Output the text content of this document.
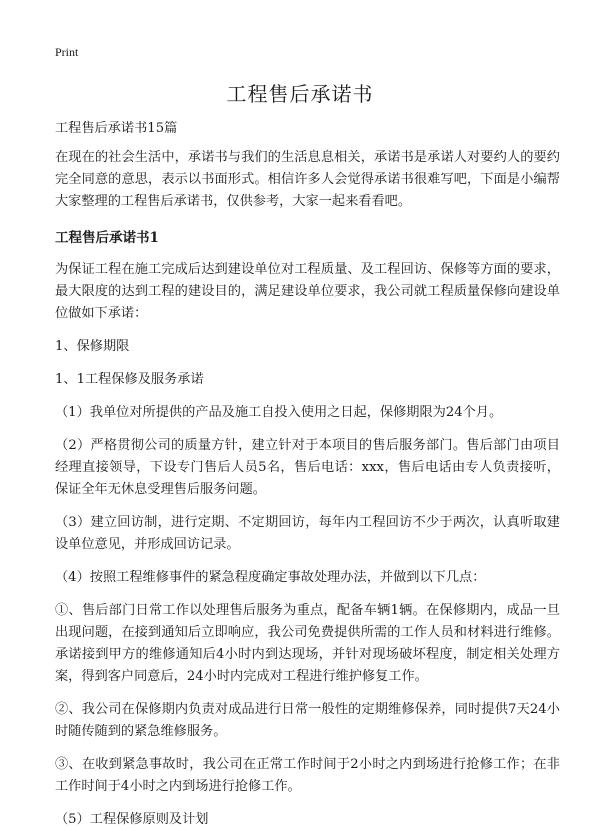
Print
工程售后承诺书

工程售后承诺书15篇

在现在的社会生活中，承诺书与我们的生活息息相关，承诺书是承诺人对要约人的要约完全同意的意思，表示以书面形式。相信许多人会觉得承诺书很难写吧，下面是小编帮大家整理的工程售后承诺书，仅供参考，大家一起来看看吧。

工程售后承诺书1

为保证工程在施工完成后达到建设单位对工程质量、及工程回访、保修等方面的要求，最大限度的达到工程的建设目的，满足建设单位要求，我公司就工程质量保修向建设单位做如下承诺：

1、保修期限

1、1工程保修及服务承诺

（1）我单位对所提供的产品及施工自投入使用之日起，保修期限为24个月。

（2）严格贯彻公司的质量方针，建立针对于本项目的售后服务部门。售后部门由项目经理直接领导，下设专门售后人员5名，售后电话：xxx，售后电话由专人负责接听，保证全年无休息受理售后服务问题。

（3）建立回访制，进行定期、不定期回访，每年内工程回访不少于两次，认真听取建设单位意见，并形成回访记录。

（4）按照工程维修事件的紧急程度确定事故处理办法，并做到以下几点：

①、售后部门日常工作以处理售后服务为重点，配备车辆1辆。在保修期内，成品一旦出现问题，在接到通知后立即响应，我公司免费提供所需的工作人员和材料进行维修。承诺接到甲方的维修通知后4小时内到达现场，并针对现场破坏程度，制定相关处理方案，得到客户同意后，24小时内完成对工程进行维护修复工作。

②、我公司在保修期内负责对成品进行日常一般性的定期维修保养，同时提供7天24小时随传随到的紧急维修服务。

③、在收到紧急事故时，我公司在正常工作时间于2小时之内到场进行抢修工作；在非工作时间于4小时之内到场进行抢修工作。

（5）工程保修原则及计划
